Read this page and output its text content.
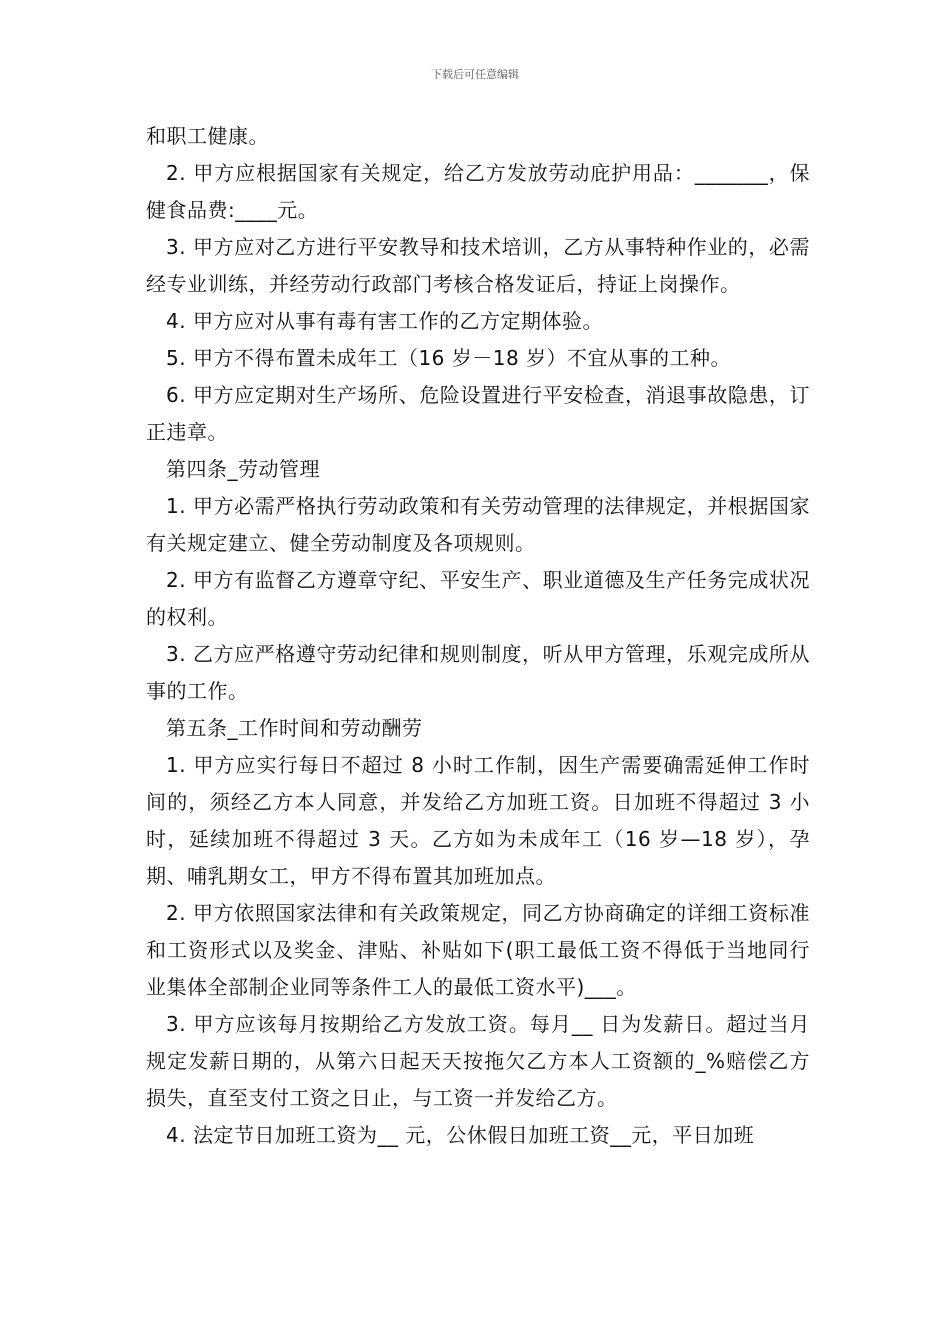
下载后可任意编辑

和职工健康。

2. 甲方应根据国家有关规定，给乙方发放劳动庇护用品：_______，保健食品费:____元。

3. 甲方应对乙方进行平安教导和技术培训，乙方从事特种作业的，必需经专业训练，并经劳动行政部门考核合格发证后，持证上岗操作。

4. 甲方应对从事有毒有害工作的乙方定期体验。

5. 甲方不得布置未成年工（16 岁－18 岁）不宜从事的工种。

6. 甲方应定期对生产场所、危险设置进行平安检查，消退事故隐患，订正违章。

第四条_劳动管理

1. 甲方必需严格执行劳动政策和有关劳动管理的法律规定，并根据国家有关规定建立、健全劳动制度及各项规则。

2. 甲方有监督乙方遵章守纪、平安生产、职业道德及生产任务完成状况的权利。

3. 乙方应严格遵守劳动纪律和规则制度，听从甲方管理，乐观完成所从事的工作。

第五条_工作时间和劳动酬劳

1. 甲方应实行每日不超过 8 小时工作制，因生产需要确需延伸工作时间的，须经乙方本人同意，并发给乙方加班工资。日加班不得超过 3 小时，延续加班不得超过 3 天。乙方如为未成年工（16 岁—18 岁），孕期、哺乳期女工，甲方不得布置其加班加点。

2. 甲方依照国家法律和有关政策规定，同乙方协商确定的详细工资标准和工资形式以及奖金、津贴、补贴如下(职工最低工资不得低于当地同行业集体全部制企业同等条件工人的最低工资水平)___。

3. 甲方应该每月按期给乙方发放工资。每月__ 日为发薪日。超过当月规定发薪日期的，从第六日起天天按拖欠乙方本人工资额的_%赔偿乙方损失，直至支付工资之日止，与工资一并发给乙方。

4. 法定节日加班工资为__ 元，公休假日加班工资__元，平日加班
